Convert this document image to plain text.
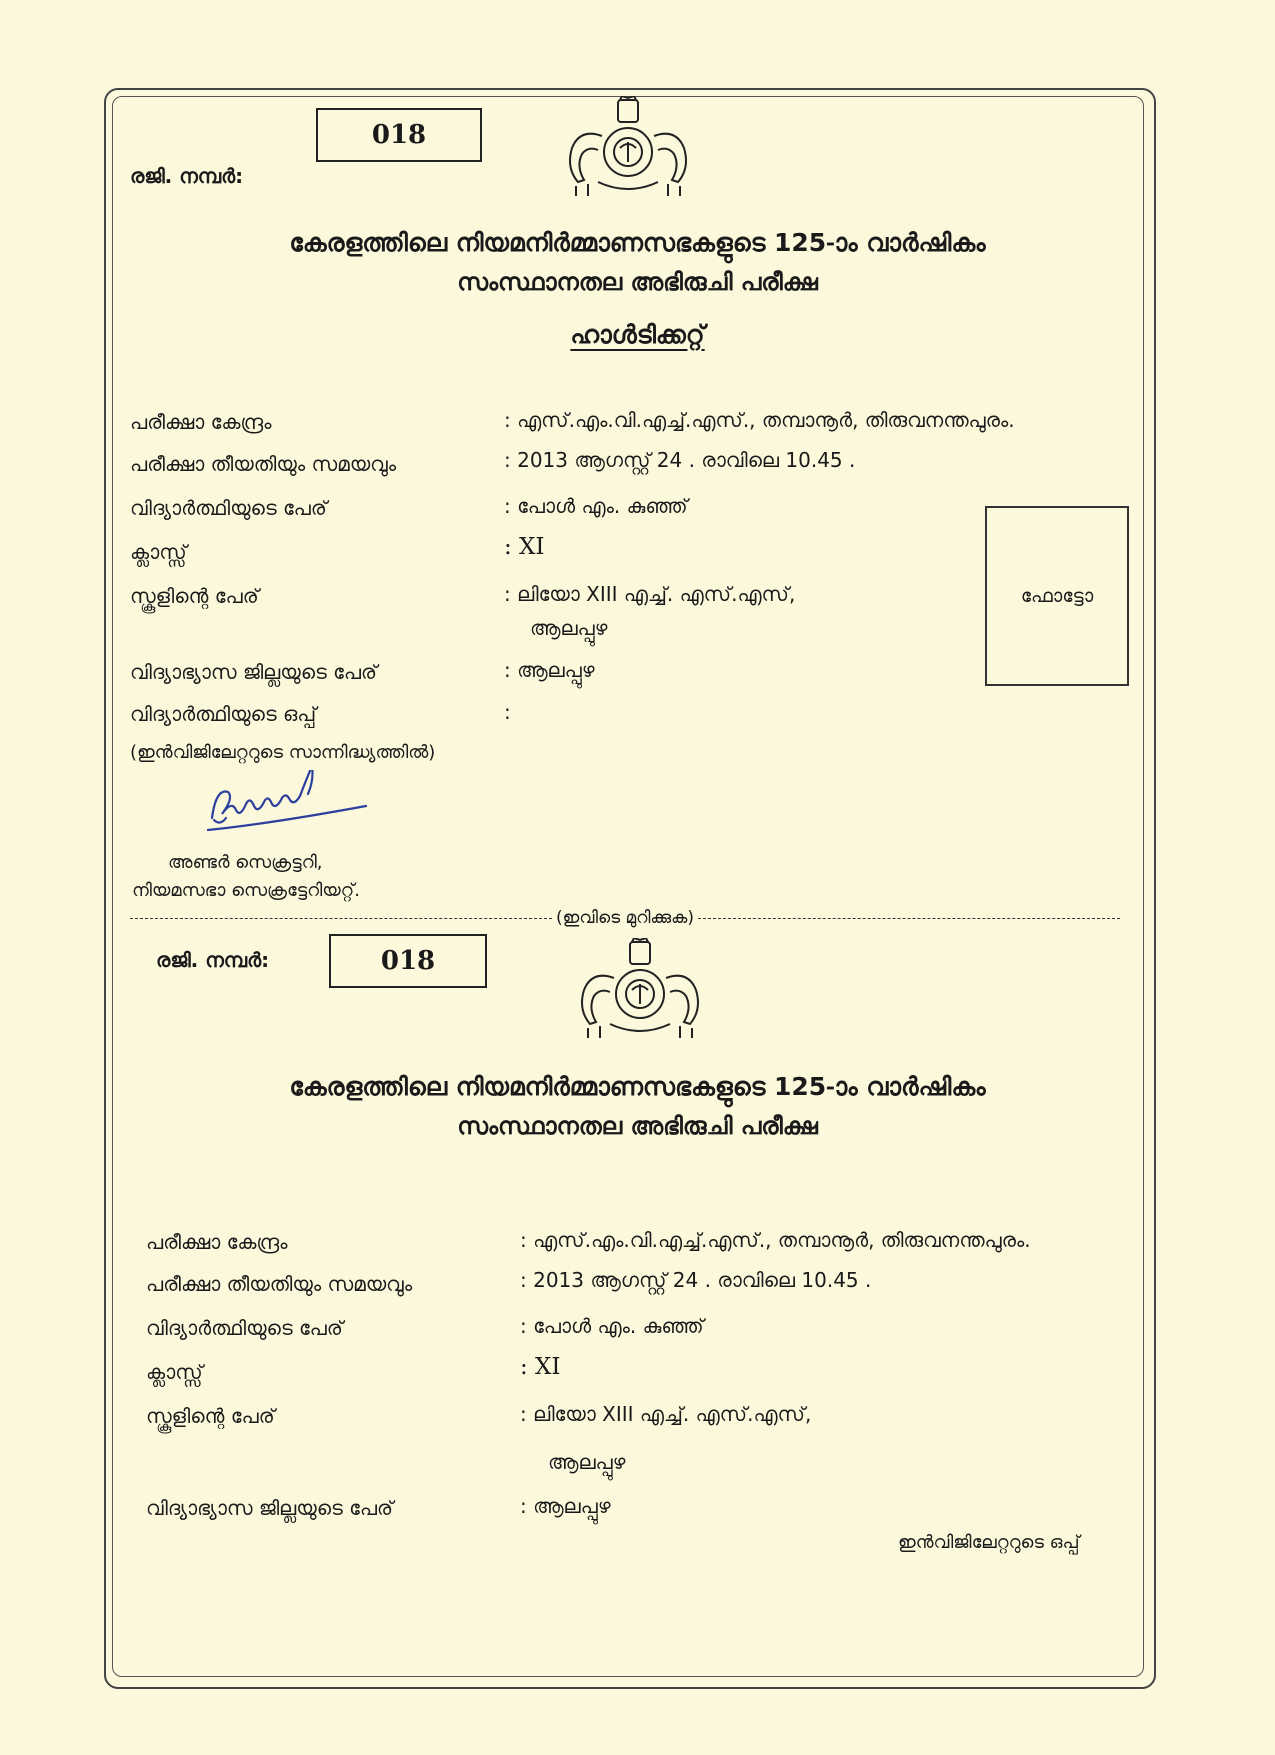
018
രജി. നമ്പർ:
കേരളത്തിലെ നിയമനിർമ്മാണസഭകളുടെ 125-ാം വാർഷികം
സംസ്ഥാനതല അഭിരുചി പരീക്ഷ
ഹാൾടിക്കറ്റ്
പരീക്ഷാ കേന്ദ്രം	: എസ്.എം.വി.എച്ച്.എസ്., തമ്പാനൂർ, തിരുവനന്തപുരം.
പരീക്ഷാ തീയതിയും സമയവും	: 2013 ആഗസ്റ്റ് 24 . രാവിലെ 10.45 .
വിദ്യാർത്ഥിയുടെ പേര്	: പോൾ എം. കുഞ്ഞ്
ക്ലാസ്സ്	: XI
സ്കൂളിന്റെ പേര്	: ലിയോ XIII എച്ച്. എസ്.എസ്,
ആലപ്പുഴ
വിദ്യാഭ്യാസ ജില്ലയുടെ പേര്	: ആലപ്പുഴ
വിദ്യാർത്ഥിയുടെ ഒപ്പ്	:
(ഇൻവിജിലേറ്ററുടെ സാന്നിദ്ധ്യത്തിൽ)
ഫോട്ടോ
അണ്ടർ സെക്രട്ടറി,
നിയമസഭാ സെക്രട്ടേറിയറ്റ്.
(ഇവിടെ മുറിക്കുക)
രജി. നമ്പർ:	018
കേരളത്തിലെ നിയമനിർമ്മാണസഭകളുടെ 125-ാം വാർഷികം
സംസ്ഥാനതല അഭിരുചി പരീക്ഷ
പരീക്ഷാ കേന്ദ്രം	: എസ്.എം.വി.എച്ച്.എസ്., തമ്പാനൂർ, തിരുവനന്തപുരം.
പരീക്ഷാ തീയതിയും സമയവും	: 2013 ആഗസ്റ്റ് 24 . രാവിലെ 10.45 .
വിദ്യാർത്ഥിയുടെ പേര്	: പോൾ എം. കുഞ്ഞ്
ക്ലാസ്സ്	: XI
സ്കൂളിന്റെ പേര്	: ലിയോ XIII എച്ച്. എസ്.എസ്,
ആലപ്പുഴ
വിദ്യാഭ്യാസ ജില്ലയുടെ പേര്	: ആലപ്പുഴ
ഇൻവിജിലേറ്ററുടെ ഒപ്പ്
